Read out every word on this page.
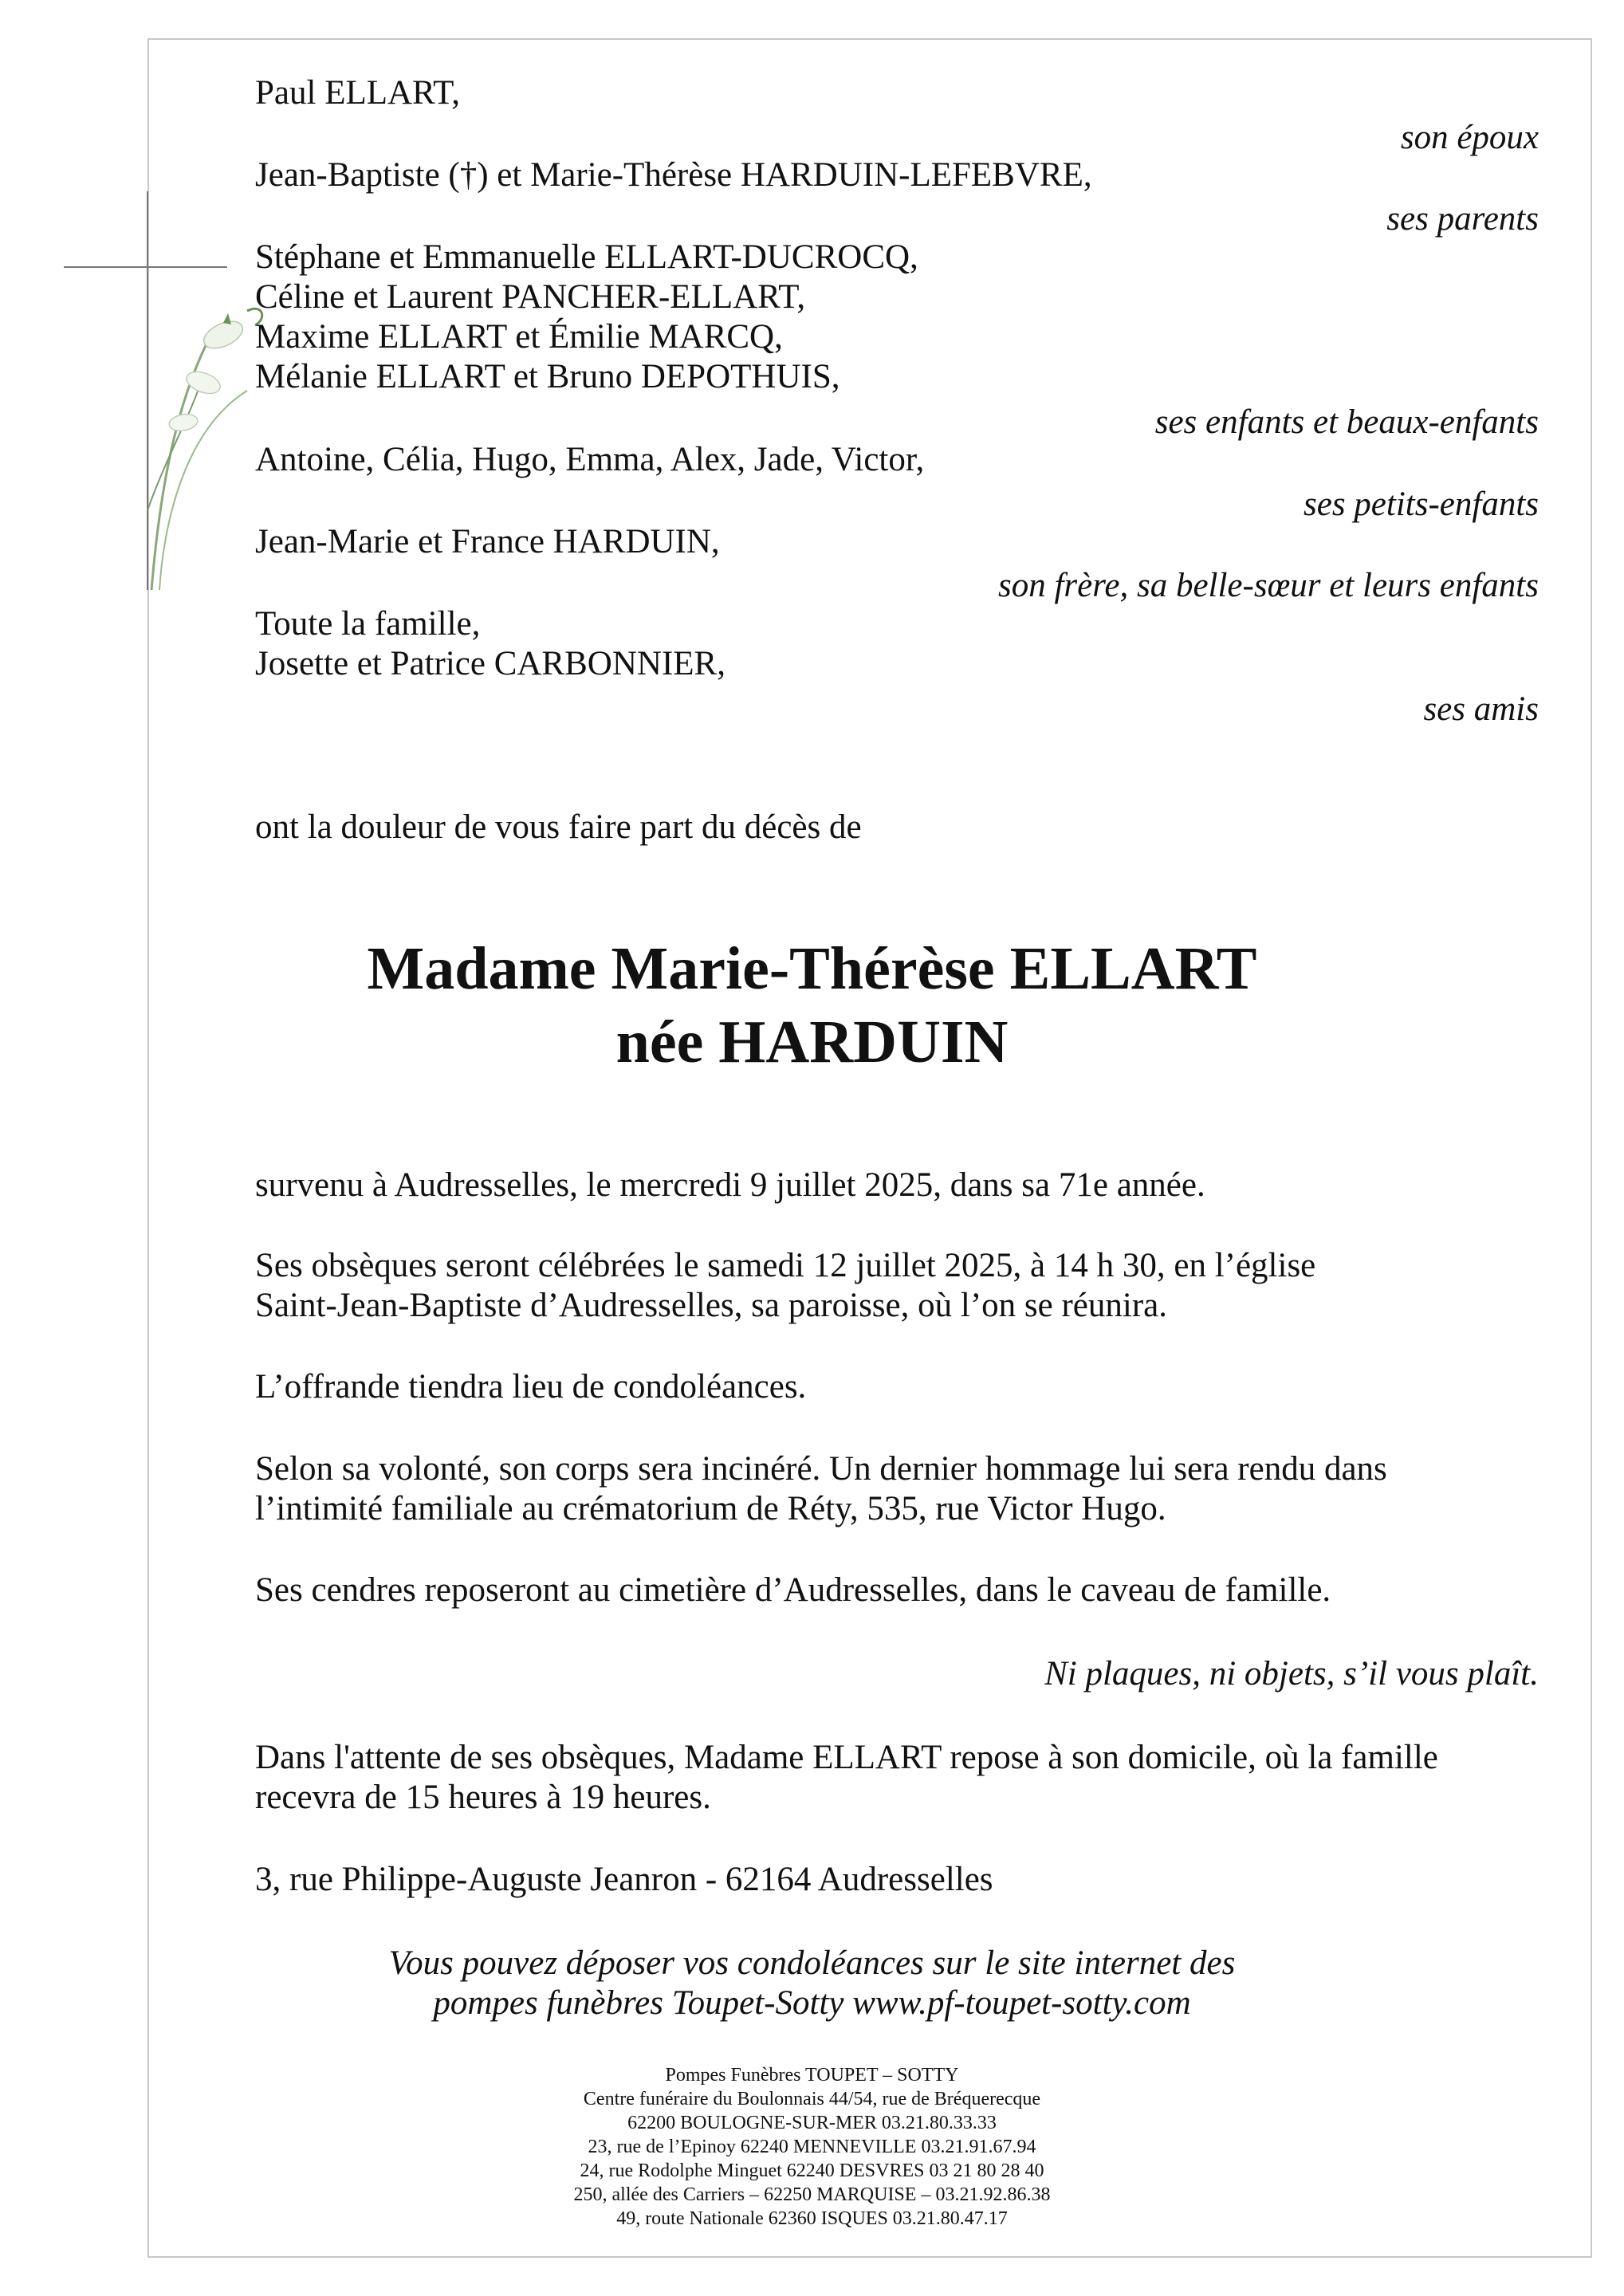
Paul ELLART,
son époux
Jean-Baptiste (†) et Marie-Thérèse HARDUIN-LEFEBVRE,
ses parents
Stéphane et Emmanuelle ELLART-DUCROCQ,
Céline et Laurent PANCHER-ELLART,
Maxime ELLART et Émilie MARCQ,
Mélanie ELLART et Bruno DEPOTHUIS,
ses enfants et beaux-enfants
Antoine, Célia, Hugo, Emma, Alex, Jade, Victor,
ses petits-enfants
Jean-Marie et France HARDUIN,
son frère, sa belle-sœur et leurs enfants
Toute la famille,
Josette et Patrice CARBONNIER,
ses amis
ont la douleur de vous faire part du décès de
Madame Marie-Thérèse ELLART
née HARDUIN
survenu à Audresselles, le mercredi 9 juillet 2025, dans sa 71e année.
Ses obsèques seront célébrées le samedi 12 juillet 2025, à 14 h 30, en l’église
Saint-Jean-Baptiste d’Audresselles, sa paroisse, où l’on se réunira.
L’offrande tiendra lieu de condoléances.
Selon sa volonté, son corps sera incinéré. Un dernier hommage lui sera rendu dans
l’intimité familiale au crématorium de Réty, 535, rue Victor Hugo.
Ses cendres reposeront au cimetière d’Audresselles, dans le caveau de famille.
Ni plaques, ni objets, s’il vous plaît.
Dans l'attente de ses obsèques, Madame ELLART repose à son domicile, où la famille
recevra de 15 heures à 19 heures.
3, rue Philippe-Auguste Jeanron - 62164 Audresselles
Vous pouvez déposer vos condoléances sur le site internet des
pompes funèbres Toupet-Sotty www.pf-toupet-sotty.com
Pompes Funèbres TOUPET – SOTTY
Centre funéraire du Boulonnais 44/54, rue de Bréquerecque
62200 BOULOGNE-SUR-MER 03.21.80.33.33
23, rue de l’Epinoy 62240 MENNEVILLE 03.21.91.67.94
24, rue Rodolphe Minguet 62240 DESVRES 03 21 80 28 40
250, allée des Carriers – 62250 MARQUISE – 03.21.92.86.38
49, route Nationale 62360 ISQUES 03.21.80.47.17
